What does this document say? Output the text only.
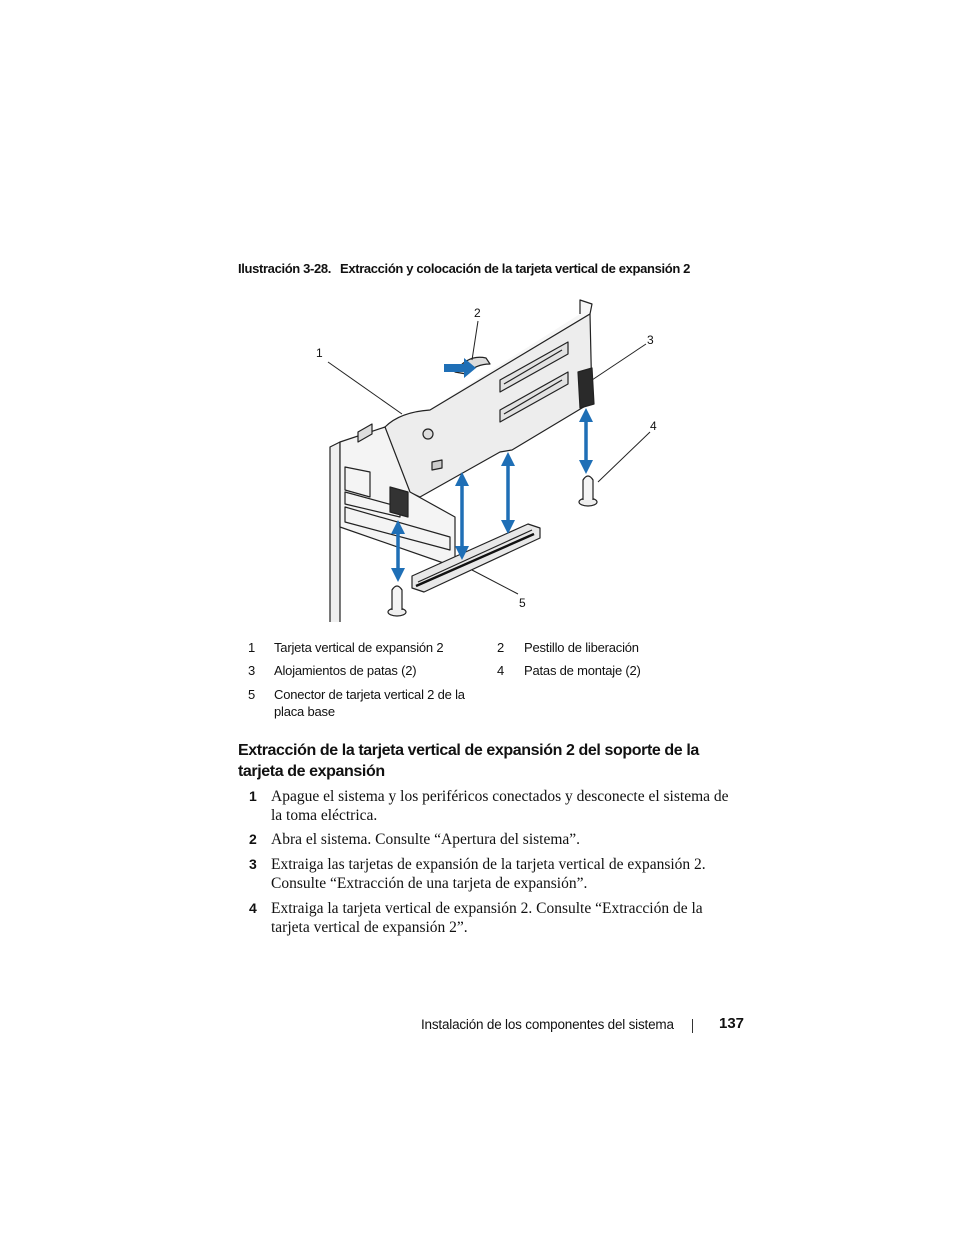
Ilustración 3-28. Extracción y colocación de la tarjeta vertical de expansión 2
1
2
3
4
5
1 Tarjeta vertical de expansión 2	2 Pestillo de liberación
3 Alojamientos de patas (2)	4 Patas de montaje (2)
5 Conector de tarjeta vertical 2 de la placa base
Extracción de la tarjeta vertical de expansión 2 del soporte de la tarjeta de expansión
1 Apague el sistema y los periféricos conectados y desconecte el sistema de la toma eléctrica.
2 Abra el sistema. Consulte “Apertura del sistema”.
3 Extraiga las tarjetas de expansión de la tarjeta vertical de expansión 2. Consulte “Extracción de una tarjeta de expansión”.
4 Extraiga la tarjeta vertical de expansión 2. Consulte “Extracción de la tarjeta vertical de expansión 2”.
Instalación de los componentes del sistema	137
